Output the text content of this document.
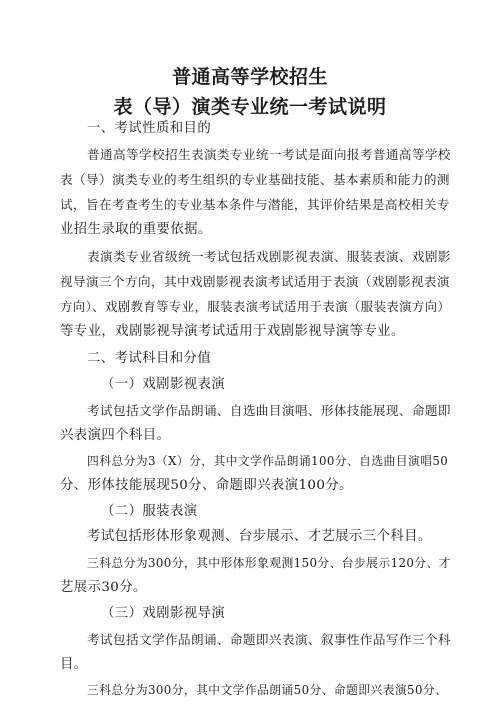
普通高等学校招生
表（导）演类专业统一考试说明
一、考试性质和目的
普通高等学校招生表演类专业统一考试是面向报考普通高等学校
表（导）演类专业的考生组织的专业基础技能、基本素质和能力的测
试，旨在考查考生的专业基本条件与潜能，其评价结果是高校相关专
业招生录取的重要依据。
表演类专业省级统一考试包括戏剧影视表演、服装表演、戏剧影
视导演三个方向，其中戏剧影视表演考试适用于表演（戏剧影视表演
方向）、戏剧教育等专业，服装表演考试适用于表演（服装表演方向）
等专业，戏剧影视导演考试适用于戏剧影视导演等专业。
二、考试科目和分值
（一）戏剧影视表演
考试包括文学作品朗诵、自选曲目演唱、形体技能展现、命题即
兴表演四个科目。
四科总分为3（X）分，其中文学作品朗诵100分、自选曲目演唱50
分、形体技能展现50分、命题即兴表演100分。
（二）服装表演
考试包括形体形象观测、台步展示、才艺展示三个科目。
三科总分为300分，其中形体形象观测150分、台步展示120分、才
艺展示30分。
（三）戏剧影视导演
考试包括文学作品朗诵、命题即兴表演、叙事性作品写作三个科
目。
三科总分为300分，其中文学作品朗诵50分、命题即兴表演50分、
